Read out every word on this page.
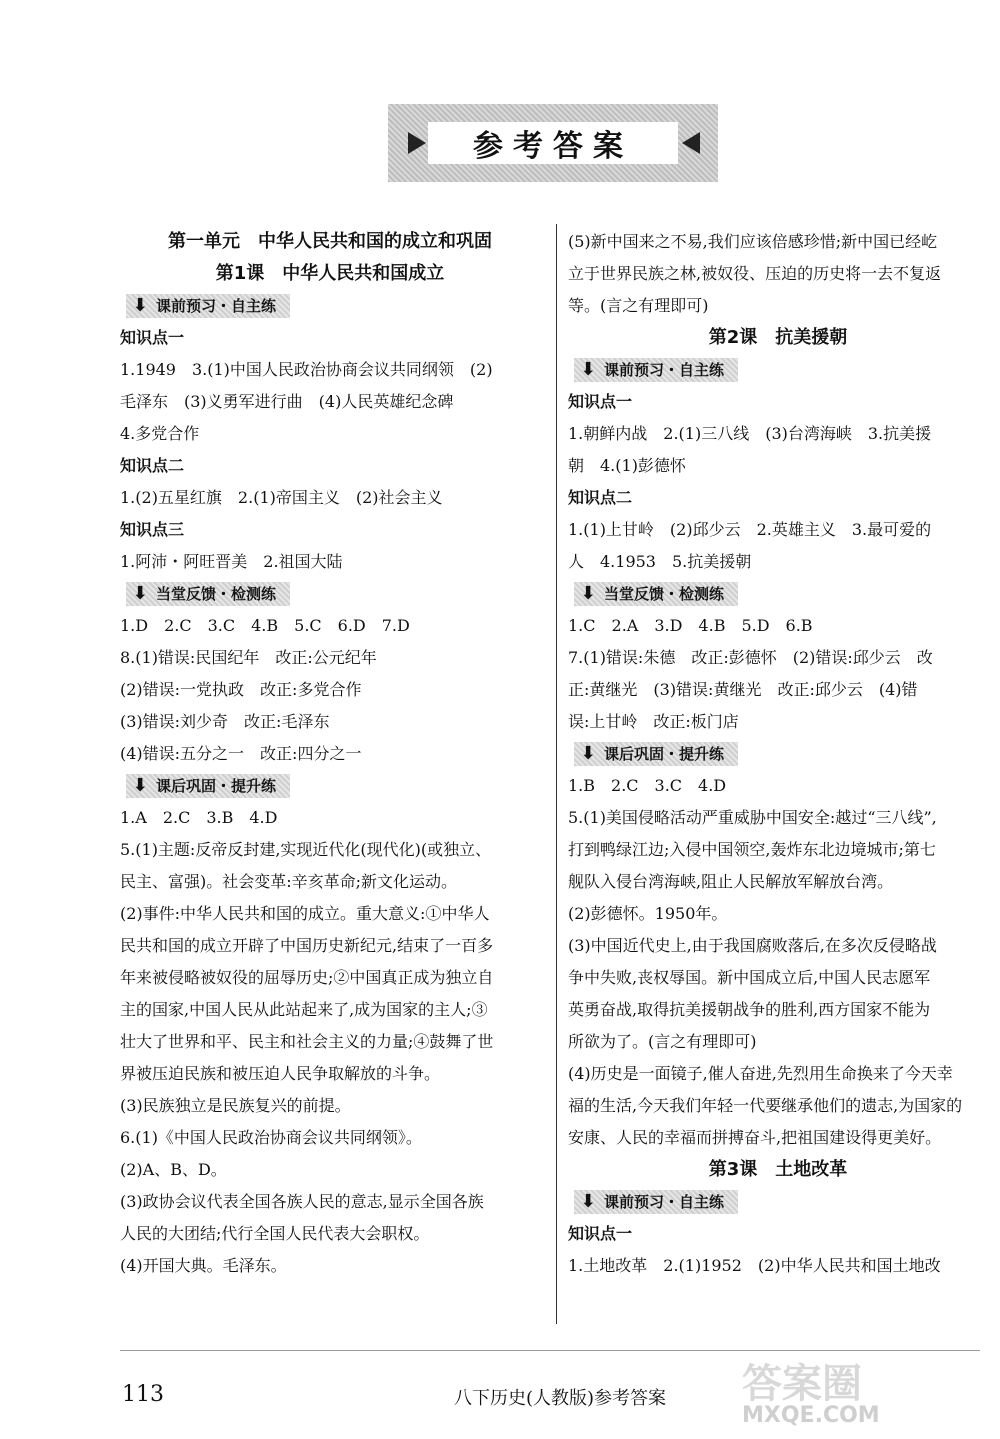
参考答案
第一单元　中华人民共和国的成立和巩固
第1课　中华人民共和国成立
⬇ 课前预习・自主练
知识点一
1.1949　3.(1)中国人民政治协商会议共同纲领　(2)
毛泽东　(3)义勇军进行曲　(4)人民英雄纪念碑
4.多党合作
知识点二
1.(2)五星红旗　2.(1)帝国主义　(2)社会主义
知识点三
1.阿沛・阿旺晋美　2.祖国大陆
⬇ 当堂反馈・检测练
1.D　2.C　3.C　4.B　5.C　6.D　7.D
8.(1)错误:民国纪年　改正:公元纪年
(2)错误:一党执政　改正:多党合作
(3)错误:刘少奇　改正:毛泽东
(4)错误:五分之一　改正:四分之一
⬇ 课后巩固・提升练
1.A　2.C　3.B　4.D
5.(1)主题:反帝反封建,实现近代化(现代化)(或独立、
民主、富强)。社会变革:辛亥革命;新文化运动。
(2)事件:中华人民共和国的成立。重大意义:①中华人
民共和国的成立开辟了中国历史新纪元,结束了一百多
年来被侵略被奴役的屈辱历史;②中国真正成为独立自
主的国家,中国人民从此站起来了,成为国家的主人;③
壮大了世界和平、民主和社会主义的力量;④鼓舞了世
界被压迫民族和被压迫人民争取解放的斗争。
(3)民族独立是民族复兴的前提。
6.(1)《中国人民政治协商会议共同纲领》。
(2)A、B、D。
(3)政协会议代表全国各族人民的意志,显示全国各族
人民的大团结;代行全国人民代表大会职权。
(4)开国大典。毛泽东。
(5)新中国来之不易,我们应该倍感珍惜;新中国已经屹
立于世界民族之林,被奴役、压迫的历史将一去不复返
等。(言之有理即可)
第2课　抗美援朝
⬇ 课前预习・自主练
知识点一
1.朝鲜内战　2.(1)三八线　(3)台湾海峡　3.抗美援
朝　4.(1)彭德怀
知识点二
1.(1)上甘岭　(2)邱少云　2.英雄主义　3.最可爱的
人　4.1953　5.抗美援朝
⬇ 当堂反馈・检测练
1.C　2.A　3.D　4.B　5.D　6.B
7.(1)错误:朱德　改正:彭德怀　(2)错误:邱少云　改
正:黄继光　(3)错误:黄继光　改正:邱少云　(4)错
误:上甘岭　改正:板门店
⬇ 课后巩固・提升练
1.B　2.C　3.C　4.D
5.(1)美国侵略活动严重威胁中国安全:越过“三八线”,
打到鸭绿江边;入侵中国领空,轰炸东北边境城市;第七
舰队入侵台湾海峡,阻止人民解放军解放台湾。
(2)彭德怀。1950年。
(3)中国近代史上,由于我国腐败落后,在多次反侵略战
争中失败,丧权辱国。新中国成立后,中国人民志愿军
英勇奋战,取得抗美援朝战争的胜利,西方国家不能为
所欲为了。(言之有理即可)
(4)历史是一面镜子,催人奋进,先烈用生命换来了今天幸
福的生活,今天我们年轻一代要继承他们的遗志,为国家的
安康、人民的幸福而拼搏奋斗,把祖国建设得更美好。
第3课　土地改革
⬇ 课前预习・自主练
知识点一
1.土地改革　2.(1)1952　(2)中华人民共和国土地改
113	八下历史(人教版)参考答案 答案圈
MXQE.COM
